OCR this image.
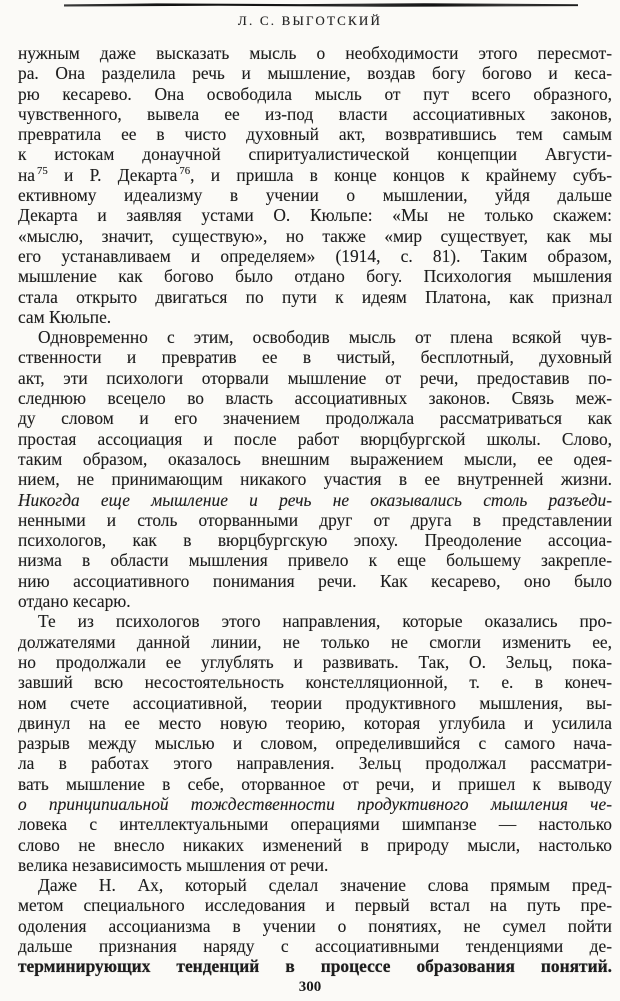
Л. С. ВЫГОТСКИЙ
нужным даже высказать мысль о необходимости этого пересмот-
ра. Она разделила речь и мышление, воздав богу богово и кеса-
рю кесарево. Она освободила мысль от пут всего образного,
чувственного, вывела ее из-под власти ассоциативных законов,
превратила ее в чисто духовный акт, возвратившись тем самым
к истокам донаучной спиритуалистической концепции Августи-
на $^{75}$ и Р. Декарта $^{76}$, и пришла в конце концов к крайнему субъ-
ективному идеализму в учении о мышлении, уйдя дальше
Декарта и заявляя устами О. Кюльпе: «Мы не только скажем:
«мыслю, значит, существую», но также «мир существует, как мы
его устанавливаем и определяем» (1914, с. 81). Таким образом,
мышление как богово было отдано богу. Психология мышления
стала открыто двигаться по пути к идеям Платона, как признал
сам Кюльпе.
Одновременно с этим, освободив мысль от плена всякой чув-
ственности и превратив ее в чистый, бесплотный, духовный
акт, эти психологи оторвали мышление от речи, предоставив по-
следнюю всецело во власть ассоциативных законов. Связь меж-
ду словом и его значением продолжала рассматриваться как
простая ассоциация и после работ вюрцбургской школы. Слово,
таким образом, оказалось внешним выражением мысли, ее одея-
нием, не принимающим никакого участия в ее внутренней жизни.
Никогда еще мышление и речь не оказывались столь разъеди-
ненными и столь оторванными друг от друга в представлении
психологов, как в вюрцбургскую эпоху. Преодоление ассоциа-
низма в области мышления привело к еще большему закрепле-
нию ассоциативного понимания речи. Как кесарево, оно было
отдано кесарю.
Те из психологов этого направления, которые оказались про-
должателями данной линии, не только не смогли изменить ее,
но продолжали ее углублять и развивать. Так, О. Зельц, пока-
завший всю несостоятельность констелляционной, т. е. в конеч-
ном счете ассоциативной, теории продуктивного мышления, вы-
двинул на ее место новую теорию, которая углубила и усилила
разрыв между мыслью и словом, определившийся с самого нача-
ла в работах этого направления. Зельц продолжал рассматри-
вать мышление в себе, оторванное от речи, и пришел к выводу
о принципиальной тождественности продуктивного мышления че-
ловека с интеллектуальными операциями шимпанзе — настолько
слово не внесло никаких изменений в природу мысли, настолько
велика независимость мышления от речи.
Даже Н. Ах, который сделал значение слова прямым пред-
метом специального исследования и первый встал на путь пре-
одоления ассоцианизма в учении о понятиях, не сумел пойти
дальше признания наряду с ассоциативными тенденциями де-
терминирующих тенденций в процессе образования понятий.
300
